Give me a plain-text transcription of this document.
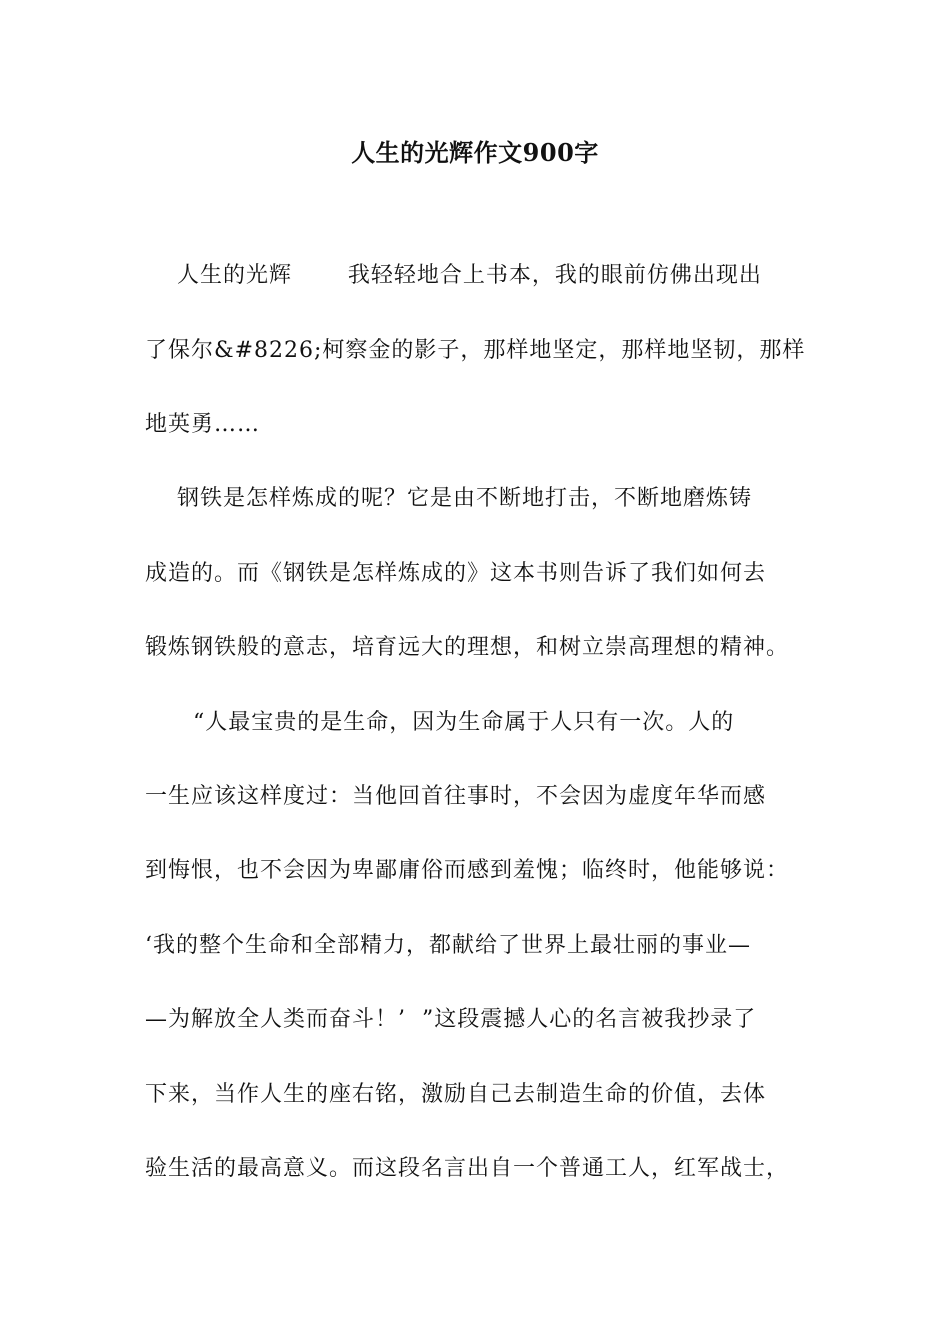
人生的光辉作文900字

人生的光辉       我轻轻地合上书本，我的眼前仿佛出现出

了保尔&#8226;柯察金的影子，那样地坚定，那样地坚韧，那样

地英勇……

钢铁是怎样炼成的呢？它是由不断地打击，不断地磨炼铸

成造的。而《钢铁是怎样炼成的》这本书则告诉了我们如何去

锻炼钢铁般的意志，培育远大的理想，和树立崇高理想的精神。

“人最宝贵的是生命，因为生命属于人只有一次。人的

一生应该这样度过：当他回首往事时，不会因为虚度年华而感

到悔恨，也不会因为卑鄙庸俗而感到羞愧；临终时，他能够说：

‘我的整个生命和全部精力，都献给了世界上最壮丽的事业—

—为解放全人类而奋斗！’  ”这段震撼人心的名言被我抄录了

下来，当作人生的座右铭，激励自己去制造生命的价值，去体

验生活的最高意义。而这段名言出自一个普通工人，红军战士，
